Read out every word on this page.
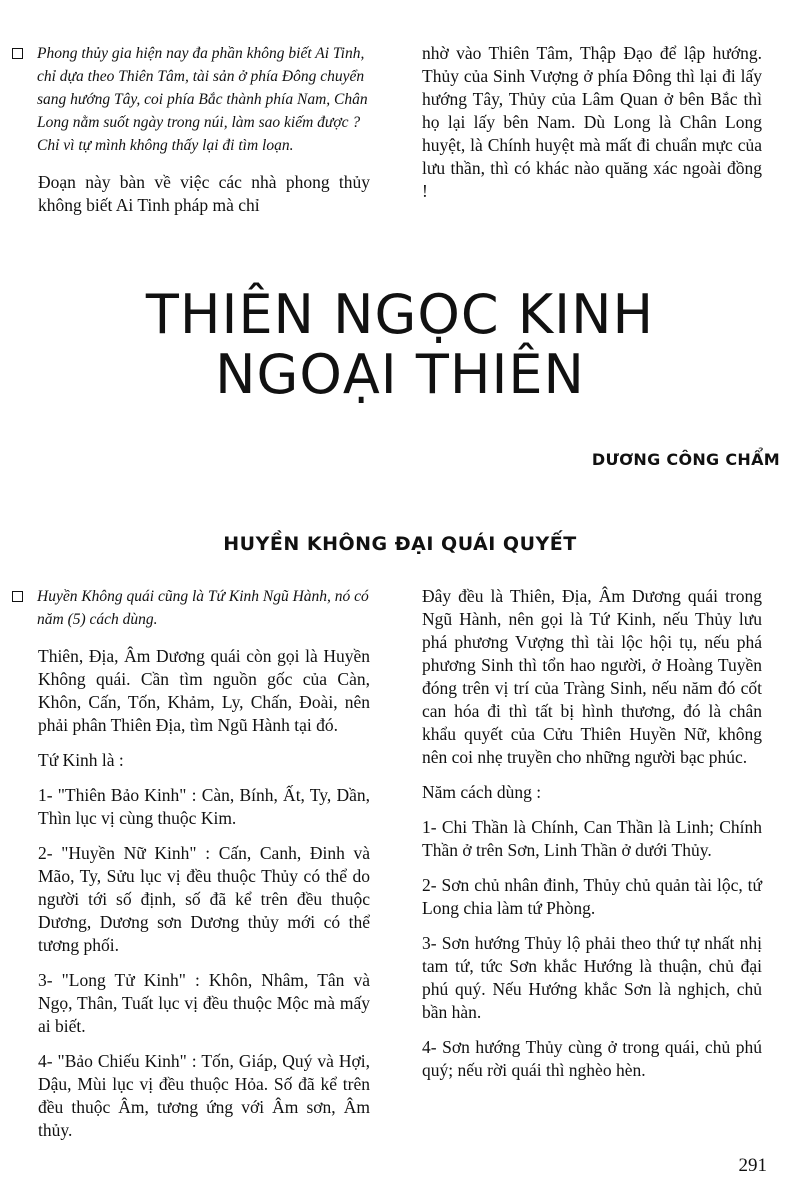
Phong thủy gia hiện nay đa phần không biết Ai Tinh, chỉ dựa theo Thiên Tâm, tài sản ở phía Đông chuyển sang hướng Tây, coi phía Bắc thành phía Nam, Chân Long nằm suốt ngày trong núi, làm sao kiếm được ? Chỉ vì tự mình không thấy lại đi tìm loạn.

Đoạn này bàn về việc các nhà phong thủy không biết Ai Tinh pháp mà chỉ

nhờ vào Thiên Tâm, Thập Đạo để lập hướng. Thủy của Sinh Vượng ở phía Đông thì lại đi lấy hướng Tây, Thủy của Lâm Quan ở bên Bắc thì họ lại lấy bên Nam. Dù Long là Chân Long huyệt, là Chính huyệt mà mất đi chuẩn mực của lưu thần, thì có khác nào quăng xác ngoài đồng !

THIÊN NGỌC KINH
NGOẠI THIÊN
DƯƠNG CÔNG CHẨM
HUYỀN KHÔNG ĐẠI QUÁI QUYẾT

Huyền Không quái cũng là Tứ Kinh Ngũ Hành, nó có năm (5) cách dùng.

Thiên, Địa, Âm Dương quái còn gọi là Huyền Không quái. Cần tìm nguồn gốc của Càn, Khôn, Cấn, Tốn, Khảm, Ly, Chấn, Đoài, nên phải phân Thiên Địa, tìm Ngũ Hành tại đó.

Tứ Kinh là :

1- "Thiên Bảo Kinh" : Càn, Bính, Ất, Ty, Dần, Thìn lục vị cùng thuộc Kim.

2- "Huyền Nữ Kinh" : Cấn, Canh, Đinh và Mão, Ty, Sửu lục vị đều thuộc Thủy có thể do người tới số định, số đã kể trên đều thuộc Dương, Dương sơn Dương thủy mới có thể tương phối.

3- "Long Tử Kinh" : Khôn, Nhâm, Tân và Ngọ, Thân, Tuất lục vị đều thuộc Mộc mà mấy ai biết.

4- "Bảo Chiếu Kinh" : Tốn, Giáp, Quý và Hợi, Dậu, Mùi lục vị đều thuộc Hỏa. Số đã kể trên đều thuộc Âm, tương ứng với Âm sơn, Âm thủy.

Đây đều là Thiên, Địa, Âm Dương quái trong Ngũ Hành, nên gọi là Tứ Kinh, nếu Thủy lưu phá phương Vượng thì tài lộc hội tụ, nếu phá phương Sinh thì tổn hao người, ở Hoàng Tuyền đóng trên vị trí của Tràng Sinh, nếu năm đó cốt can hóa đi thì tất bị hình thương, đó là chân khẩu quyết của Cửu Thiên Huyền Nữ, không nên coi nhẹ truyền cho những người bạc phúc.

Năm cách dùng :

1- Chi Thần là Chính, Can Thần là Linh; Chính Thần ở trên Sơn, Linh Thần ở dưới Thủy.

2- Sơn chủ nhân đinh, Thủy chủ quản tài lộc, tứ Long chia làm tứ Phòng.

3- Sơn hướng Thủy lộ phải theo thứ tự nhất nhị tam tứ, tức Sơn khắc Hướng là thuận, chủ đại phú quý. Nếu Hướng khắc Sơn là nghịch, chủ bần hàn.

4- Sơn hướng Thủy cùng ở trong quái, chủ phú quý; nếu rời quái thì nghèo hèn.

291
